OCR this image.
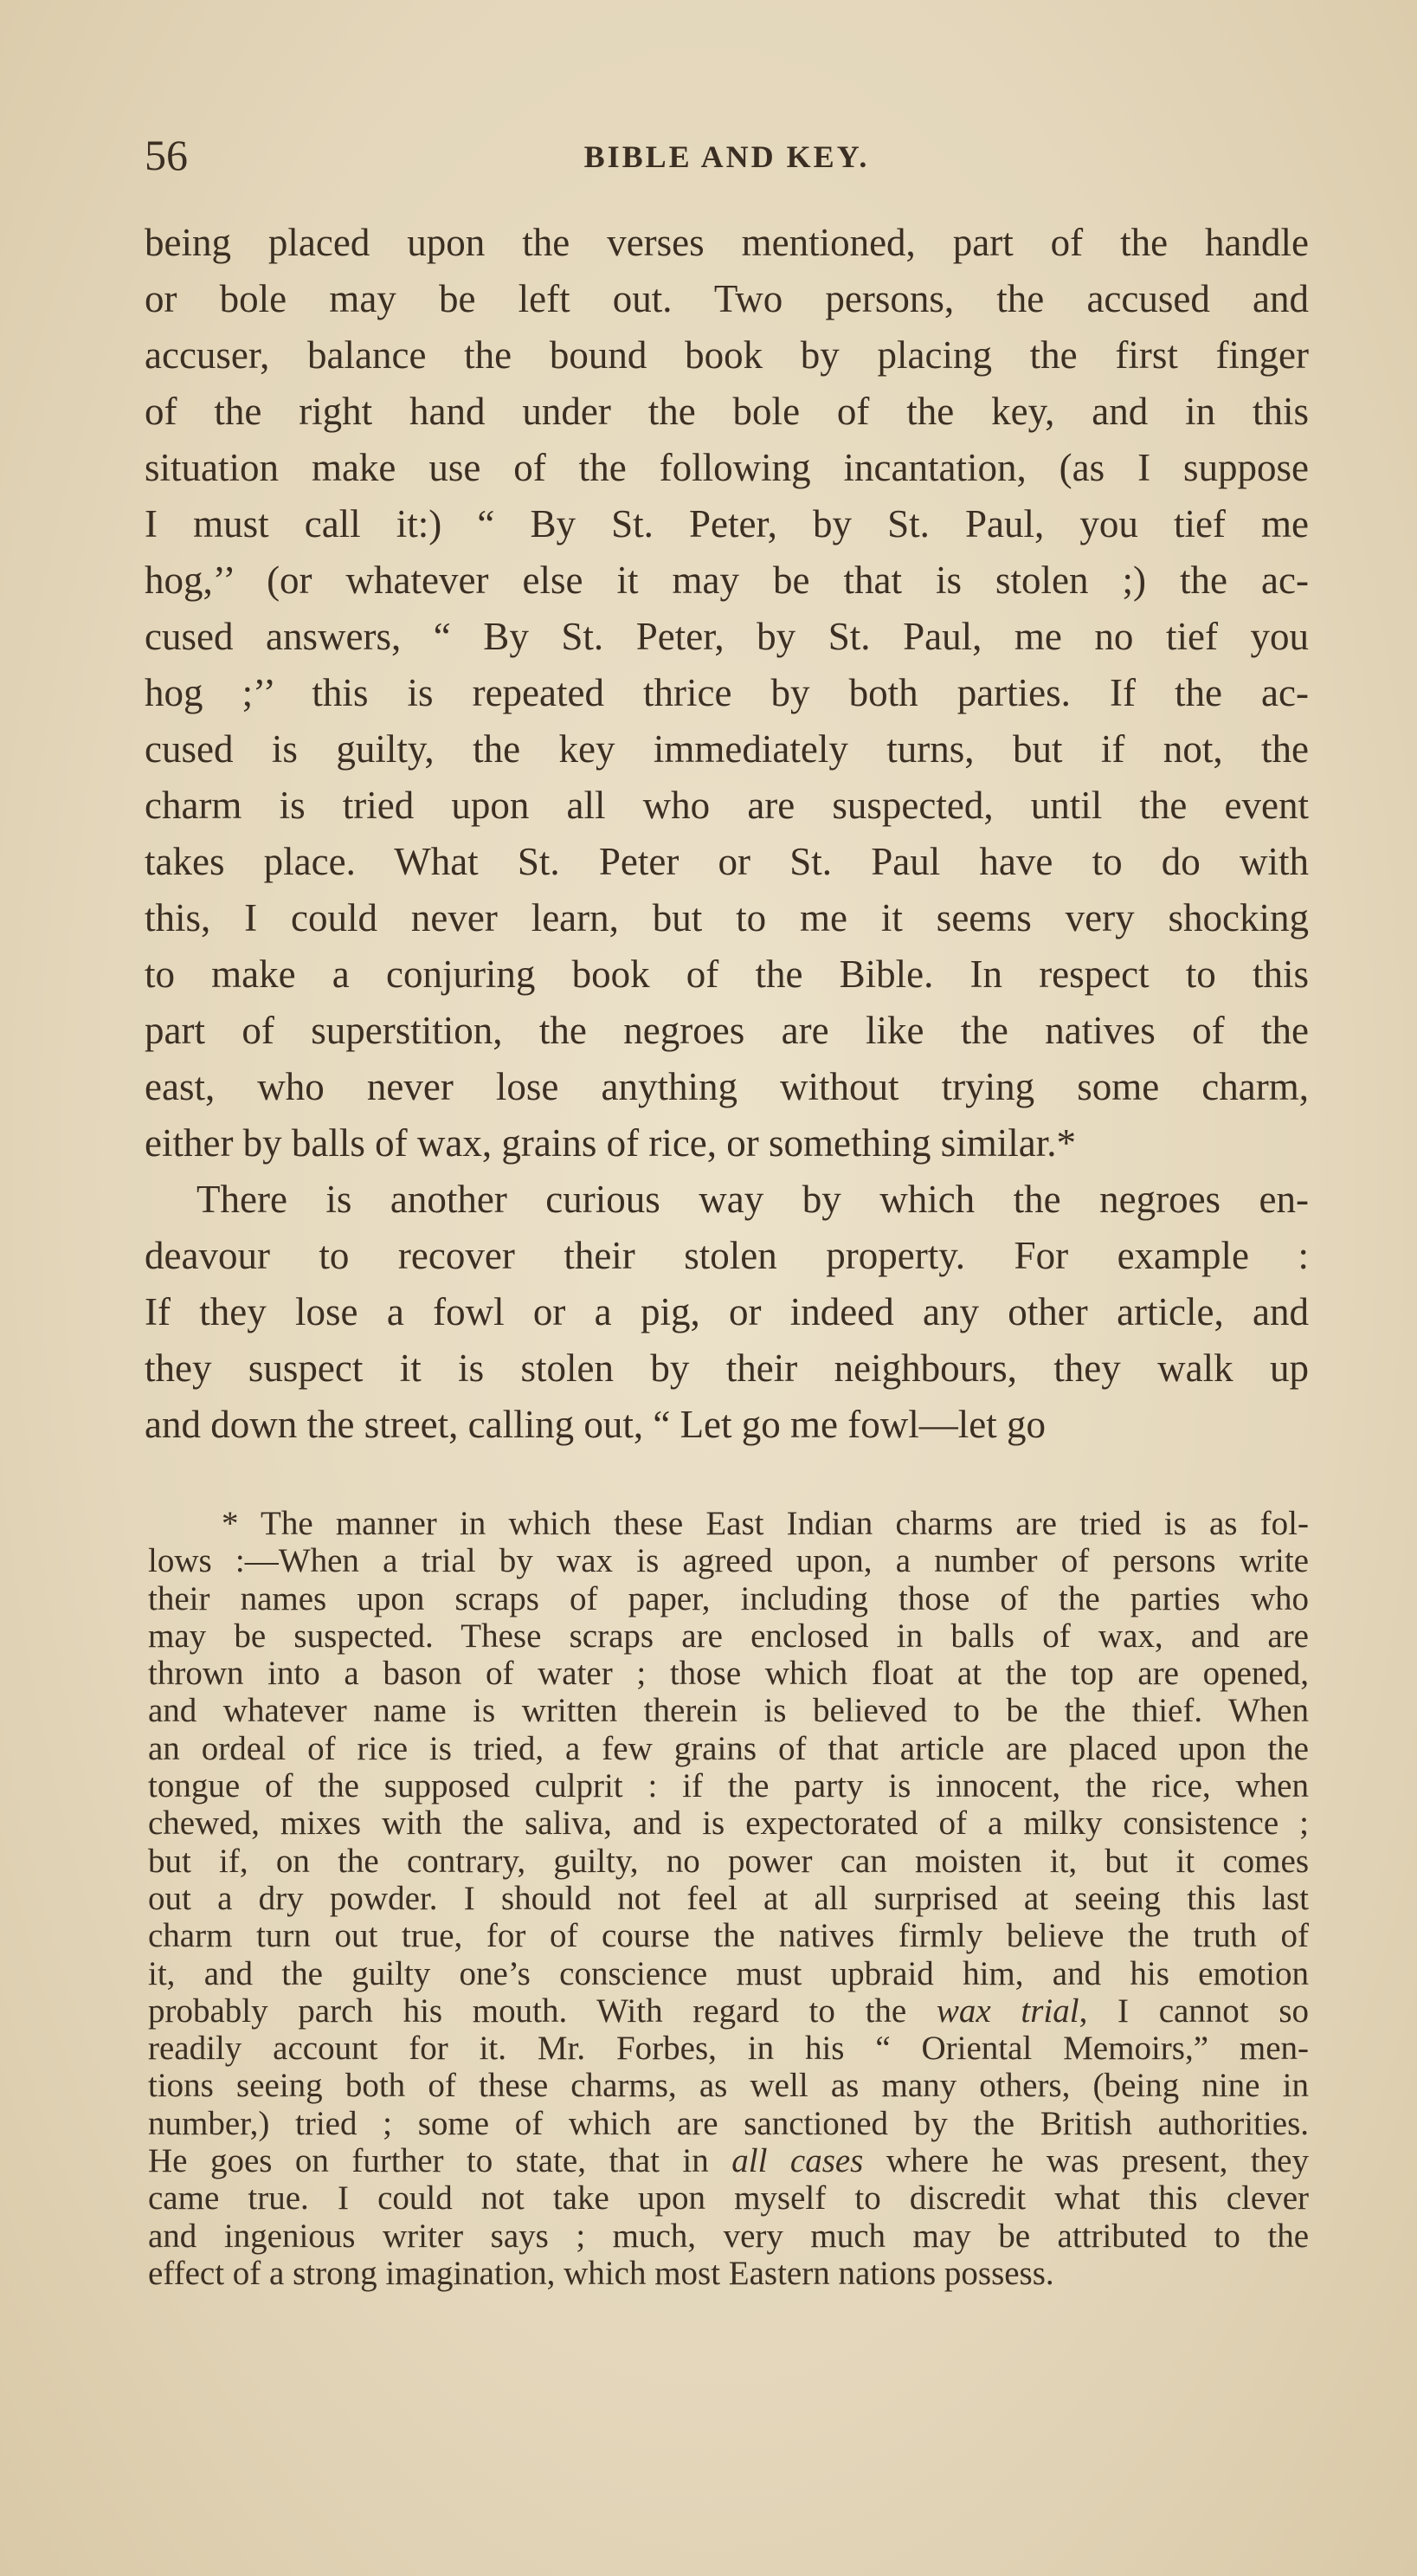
56	BIBLE AND KEY.
being placed upon the verses mentioned, part of the handle
or bole may be left out. Two persons, the accused and
accuser, balance the bound book by placing the first finger
of the right hand under the bole of the key, and in this
situation make use of the following incantation, (as I suppose
I must call it:) “ By St. Peter, by St. Paul, you tief me
hog,’’ (or whatever else it may be that is stolen ;) the ac-
cused answers, “ By St. Peter, by St. Paul, me no tief you
hog ;’’ this is repeated thrice by both parties. If the ac-
cused is guilty, the key immediately turns, but if not, the
charm is tried upon all who are suspected, until the event
takes place. What St. Peter or St. Paul have to do with
this, I could never learn, but to me it seems very shocking
to make a conjuring book of the Bible. In respect to this
part of superstition, the negroes are like the natives of the
east, who never lose anything without trying some charm,
either by balls of wax, grains of rice, or something similar.*
There is another curious way by which the negroes en-
deavour to recover their stolen property. For example :
If they lose a fowl or a pig, or indeed any other article, and
they suspect it is stolen by their neighbours, they walk up
and down the street, calling out, “ Let go me fowl—let go
* The manner in which these East Indian charms are tried is as fol-
lows :—When a trial by wax is agreed upon, a number of persons write
their names upon scraps of paper, including those of the parties who
may be suspected. These scraps are enclosed in balls of wax, and are
thrown into a bason of water ; those which float at the top are opened,
and whatever name is written therein is believed to be the thief. When
an ordeal of rice is tried, a few grains of that article are placed upon the
tongue of the supposed culprit : if the party is innocent, the rice, when
chewed, mixes with the saliva, and is expectorated of a milky consistence ;
but if, on the contrary, guilty, no power can moisten it, but it comes
out a dry powder. I should not feel at all surprised at seeing this last
charm turn out true, for of course the natives firmly believe the truth of
it, and the guilty one’s conscience must upbraid him, and his emotion
probably parch his mouth. With regard to the wax trial, I cannot so
readily account for it. Mr. Forbes, in his “ Oriental Memoirs,” men-
tions seeing both of these charms, as well as many others, (being nine in
number,) tried ; some of which are sanctioned by the British authorities.
He goes on further to state, that in all cases where he was present, they
came true. I could not take upon myself to discredit what this clever
and ingenious writer says ; much, very much may be attributed to the
effect of a strong imagination, which most Eastern nations possess.
